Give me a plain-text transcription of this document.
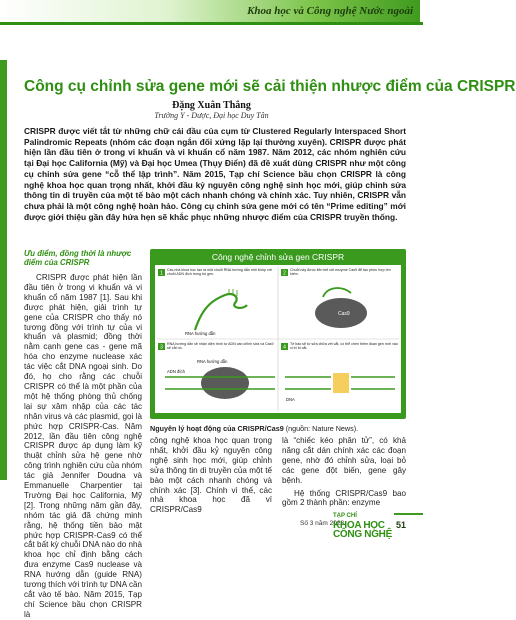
Khoa học và Công nghệ Nước ngoài
Công cụ chỉnh sửa gene mới sẽ cải thiện nhược điểm của CRISPR
Đặng Xuân Thắng
Trường Y - Dược, Đại học Duy Tân
CRISPR được viết tắt từ những chữ cái đầu của cụm từ Clustered Regularly Interspaced Short Palindromic Repeats (nhóm các đoạn ngắn đối xứng lặp lại thường xuyên). CRISPR được phát hiện lần đầu tiên ở trong vi khuẩn và vi khuẩn cổ năm 1987. Năm 2012, các nhóm nghiên cứu tại Đại học California (Mỹ) và Đại học Umea (Thụy Điển) đã đề xuất dùng CRISPR như một công cụ chỉnh sửa gene “cỗ thể lập trình”. Năm 2015, Tạp chí Science bầu chọn CRISPR là công nghệ khoa học quan trọng nhất, khởi đầu kỷ nguyên công nghệ sinh học mới, giúp chỉnh sửa thông tin di truyền của một tế bào một cách nhanh chóng và chính xác. Tuy nhiên, CRISPR vẫn chưa phải là một công nghệ hoàn hảo. Công cụ chỉnh sửa gene mới có tên “Prime editing” mới được giới thiệu gần đây hứa hẹn sẽ khắc phục những nhược điểm của CRISPR truyền thống.
Ưu điểm, đồng thời là nhược điểm của CRISPR

CRISPR được phát hiện lần đầu tiên ở trong vi khuẩn và vi khuẩn cổ năm 1987 [1]. Sau khi được phát hiện, giải trình tự gene của CRISPR cho thấy nó tương đồng với trình tự của vi khuẩn và plasmid; đồng thời nằm cạnh gene cas - gene mã hóa cho enzyme nuclease xác tác việc cắt DNA ngoại sinh. Do đó, họ cho rằng các chuỗi CRISPR có thể là một phần của một hệ thống phòng thủ chống lại sự xâm nhập của các tác nhân virus và các plasmid, gọi là phức hợp CRISPR-Cas. Năm 2012, lần đầu tiên công nghệ CRISPR được áp dụng làm kỹ thuật chỉnh sửa hệ gene nhờ công trình nghiên cứu của nhóm tác giả Jennifer Doudna và Emmanuelle Charpentier tại Trường Đại học California, Mỹ [2]. Trong những năm gần đây, nhóm tác giả đã chứng minh rằng, hệ thống tiền bảo mật phức hợp CRISPR-Cas9 có thể cắt bất kỳ chuỗi DNA nào do nhà khoa học chỉ định bằng cách đưa enzyme Cas9 nuclease và RNA hướng dẫn (guide RNA) tương thích với trình tự DNA cần cắt vào tế bào. Năm 2015, Tạp chí Science bầu chọn CRISPR là

Công nghệ chỉnh sửa gen CRISPR
1
Các nhà khoa học tạo ra một chuỗi RNA hướng dẫn nhỏ khớp với chuỗi ADN đích trong bộ gen.
RNA hướng dẫn
2
Chuỗi này được liên kết với enzyme Cas9 để tạo phức hợp tìm kiếm.
Cas9
3
RNA hướng dẫn sẽ nhận diện trình tự ADN cần chỉnh sửa và Cas9 sẽ cắt nó.
ADN đích
RNA hướng dẫn
4
Tế bào sẽ tự sửa chữa vết cắt, có thể chèn thêm đoạn gen mới vào vị trí bị cắt.
DNA
Nguyên lý hoạt động của CRISPR/Cas9 (nguồn: Nature News).
công nghệ khoa học quan trọng nhất, khởi đầu kỷ nguyên công nghệ sinh học mới, giúp chỉnh sửa thông tin di truyền của một tế bào một cách nhanh chóng và chính xác [3]. Chính vì thế, các nhà khoa học đã ví CRISPR/Cas9

là “chiếc kéo phân tử”, có khả năng cắt dán chính xác các đoạn gene, nhờ đó chỉnh sửa, loại bỏ các gene đột biến, gene gây bệnh.

Hệ thống CRISPR/Cas9 bao gồm 2 thành phần: enzyme

Số 3 năm 2023
TẠP CHÍ
KHOA HỌC
CÔNG NGHỆ
51
